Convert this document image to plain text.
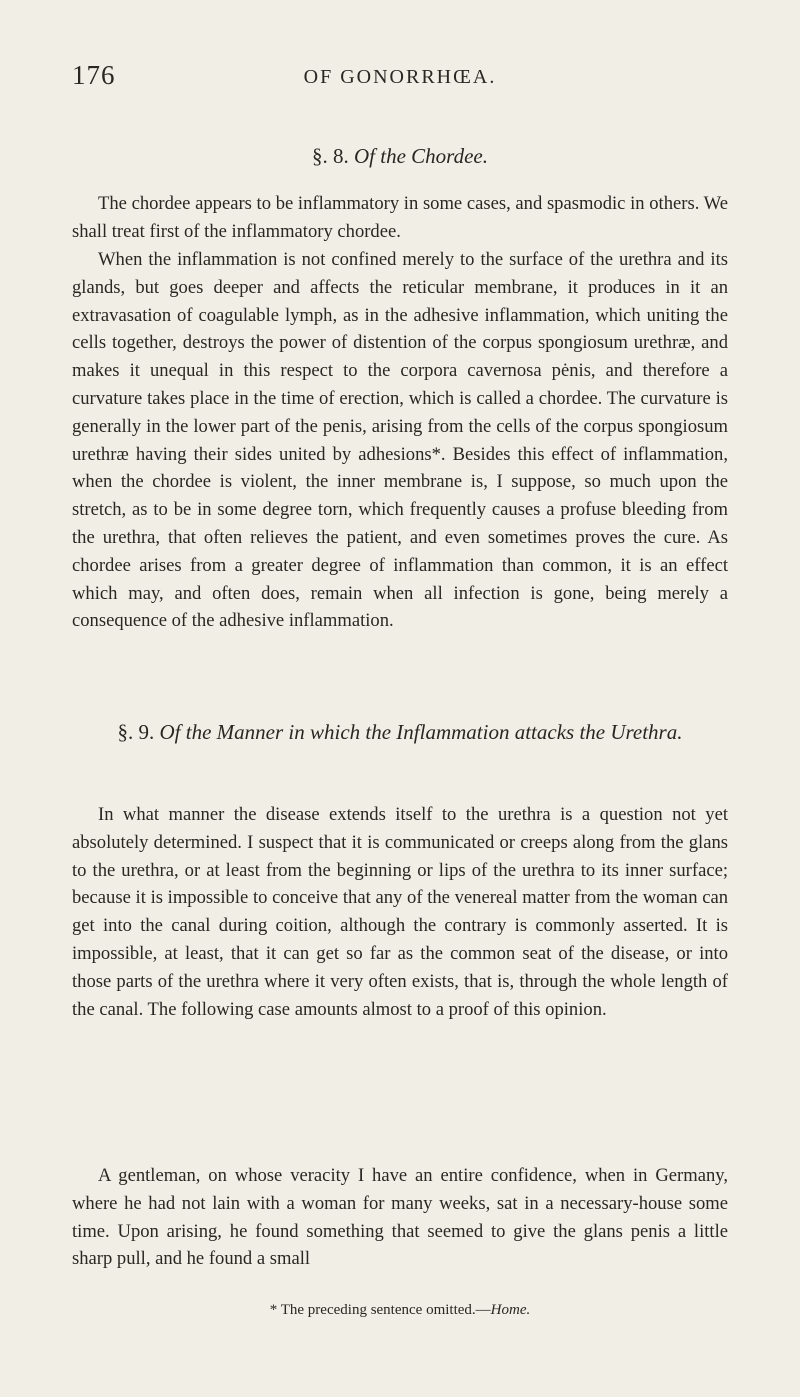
176	OF GONORRHŒA.
§. 8. Of the Chordee.

The chordee appears to be inflammatory in some cases, and spasmodic in others. We shall treat first of the inflammatory chordee.

When the inflammation is not confined merely to the surface of the urethra and its glands, but goes deeper and affects the reticular membrane, it produces in it an extravasation of coagulable lymph, as in the adhesive inflammation, which uniting the cells together, destroys the power of distention of the corpus spongiosum urethræ, and makes it unequal in this respect to the corpora cavernosa pėnis, and therefore a curvature takes place in the time of erection, which is called a chordee. The curvature is generally in the lower part of the penis, arising from the cells of the corpus spongiosum urethræ having their sides united by adhesions*. Besides this effect of inflammation, when the chordee is violent, the inner membrane is, I suppose, so much upon the stretch, as to be in some degree torn, which frequently causes a profuse bleeding from the urethra, that often relieves the patient, and even sometimes proves the cure. As chordee arises from a greater degree of inflammation than common, it is an effect which may, and often does, remain when all infection is gone, being merely a consequence of the adhesive inflammation.

§. 9. Of the Manner in which the Inflammation attacks the Urethra.

In what manner the disease extends itself to the urethra is a question not yet absolutely determined. I suspect that it is communicated or creeps along from the glans to the urethra, or at least from the beginning or lips of the urethra to its inner surface; because it is impossible to conceive that any of the venereal matter from the woman can get into the canal during coition, although the contrary is commonly asserted. It is impossible, at least, that it can get so far as the common seat of the disease, or into those parts of the urethra where it very often exists, that is, through the whole length of the canal. The following case amounts almost to a proof of this opinion.

A gentleman, on whose veracity I have an entire confidence, when in Germany, where he had not lain with a woman for many weeks, sat in a necessary-house some time. Upon arising, he found something that seemed to give the glans penis a little sharp pull, and he found a small

* The preceding sentence omitted.—Home.
